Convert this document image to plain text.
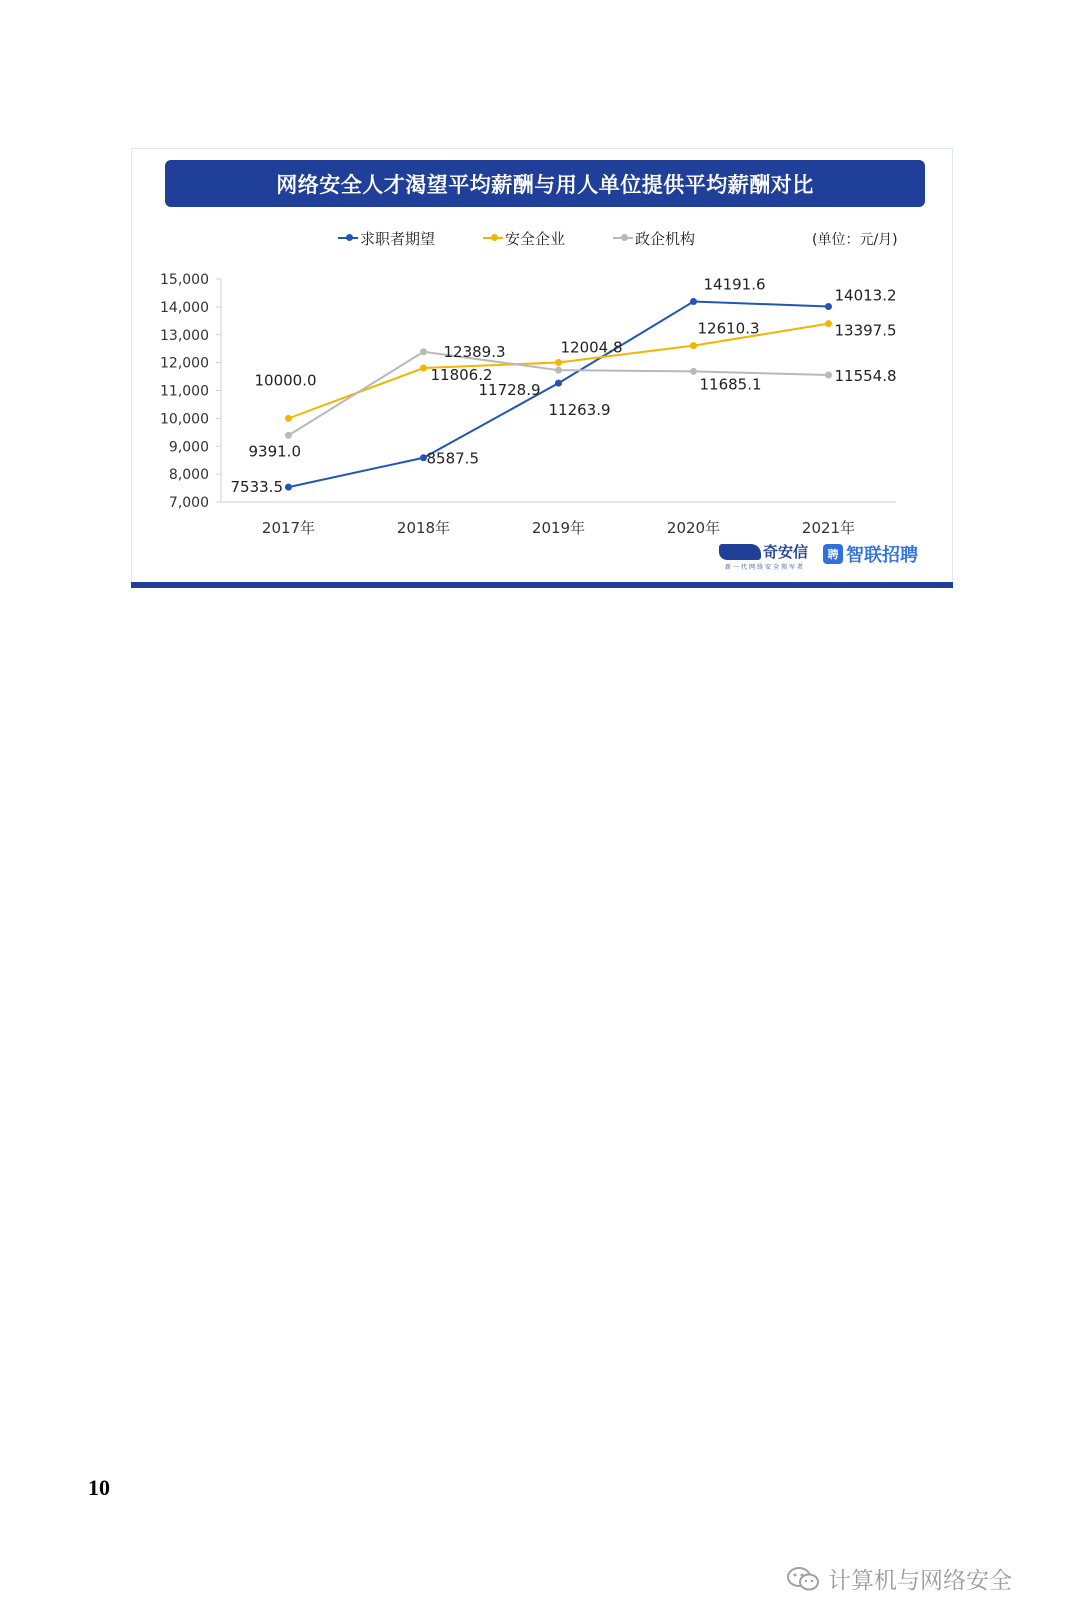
网络安全人才渴望平均薪酬与用人单位提供平均薪酬对比
求职者期望	安全企业	政企机构	(单位：元/月)
7,000
8,000
9,000
10,000
11,000
12,000
13,000
14,000
15,000
2017年	2018年	2019年	2020年	2021年
7533.5
8587.5
11263.9
14191.6
14013.2
10000.0	11806.2
12004.8
12610.3	13397.5
9391.0
12389.3
11728.9	11685.1	11554.8
奇安信
新一代网络安全领军者
聘 智联招聘
10
计算机与网络安全
